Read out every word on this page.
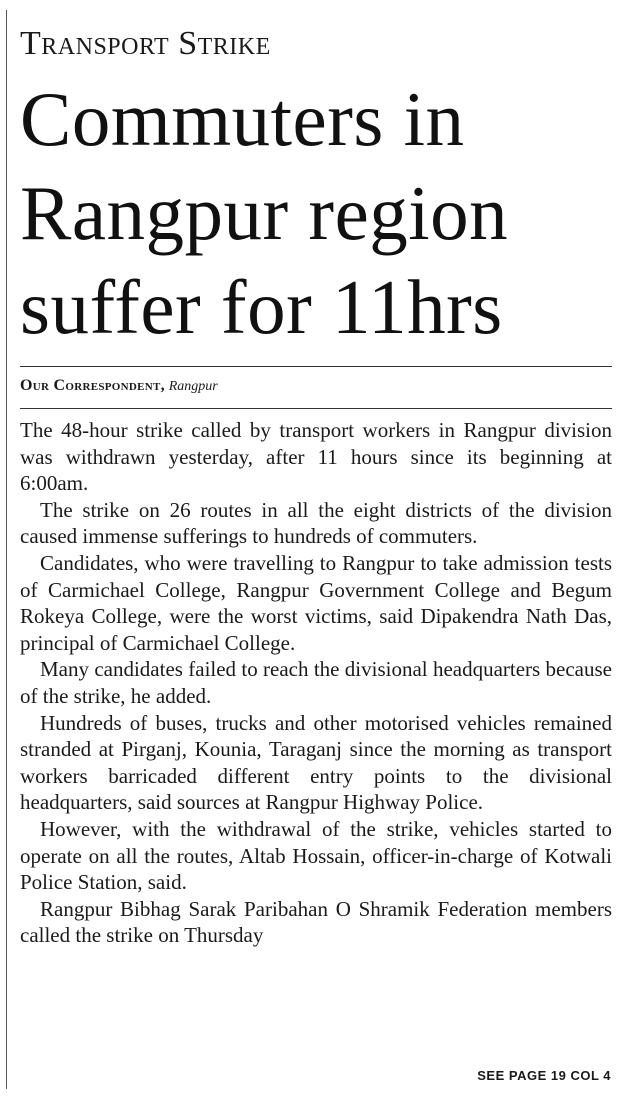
Transport Strike
Commuters in
Rangpur region
suffer for 11hrs
Our Correspondent, Rangpur

The 48-hour strike called by transport workers in Rangpur division was withdrawn yesterday, after 11 hours since its beginning at 6:00am.

The strike on 26 routes in all the eight districts of the division caused immense sufferings to hundreds of commuters.

Candidates, who were travelling to Rangpur to take admission tests of Carmichael College, Rangpur Government College and Begum Rokeya College, were the worst victims, said Dipakendra Nath Das, principal of Carmichael College.

Many candidates failed to reach the divisional headquarters because of the strike, he added.

Hundreds of buses, trucks and other motorised vehicles remained stranded at Pirganj, Kounia, Taraganj since the morning as transport workers barricaded different entry points to the divisional headquarters, said sources at Rangpur Highway Police.

However, with the withdrawal of the strike, vehicles started to operate on all the routes, Altab Hossain, officer-in-charge of Kotwali Police Station, said.

Rangpur Bibhag Sarak Paribahan O Shramik Federation members called the strike on Thursday

SEE PAGE 19 COL 4
